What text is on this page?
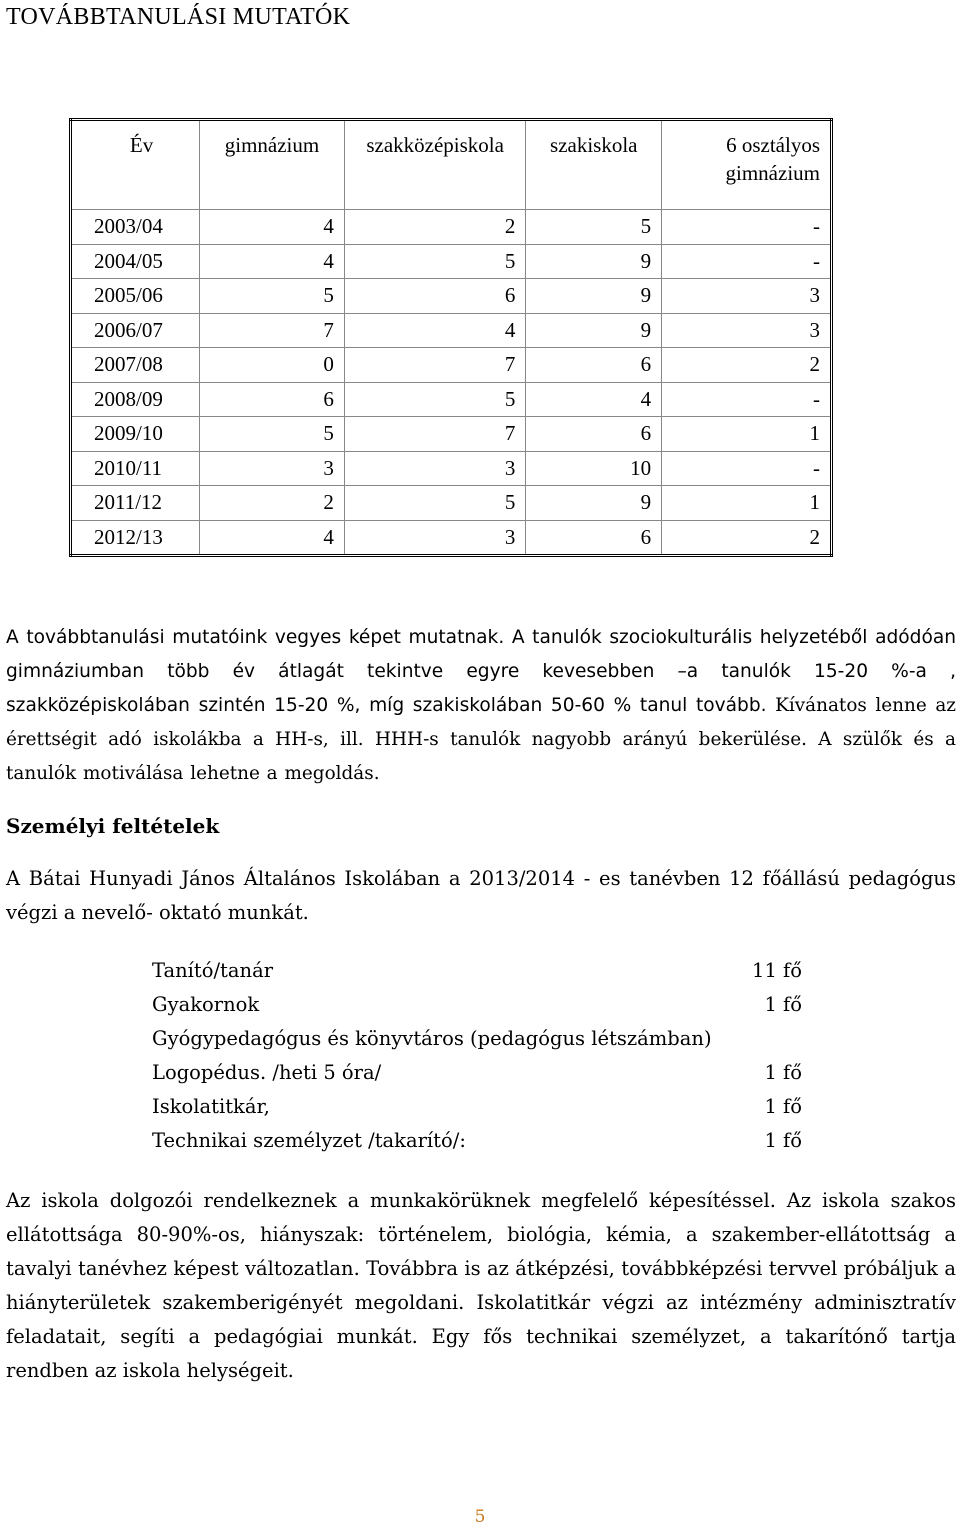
TOVÁBBTANULÁSI MUTATÓK
Év	gimnázium	szakközépiskola	szakiskola	6 osztályos gimnázium
2003/04	4	2	5	-
2004/05	4	5	9	-
2005/06	5	6	9	3
2006/07	7	4	9	3
2007/08	0	7	6	2
2008/09	6	5	4	-
2009/10	5	7	6	1
2010/11	3	3	10	-
2011/12	2	5	9	1
2012/13	4	3	6	2

A továbbtanulási mutatóink vegyes képet mutatnak. A tanulók szociokulturális helyzetéből adódóan gimnáziumban több év átlagát tekintve egyre kevesebben –a tanulók 15-20 %-a , szakközépiskolában szintén 15-20 %, míg szakiskolában 50-60 % tanul tovább. Kívánatos lenne az érettségit adó iskolákba a HH-s, ill. HHH-s tanulók nagyobb arányú bekerülése. A szülők és a tanulók motiválása lehetne a megoldás.

Személyi feltételek

A Bátai Hunyadi János Általános Iskolában a 2013/2014 - es tanévben 12 főállású pedagógus végzi a nevelő- oktató munkát.

Tanító/tanár	11 fő
Gyakornok	1 fő
Gyógypedagógus és könyvtáros (pedagógus létszámban)
Logopédus. /heti 5 óra/	1 fő
Iskolatitkár,	1 fő
Technikai személyzet /takarító/:	1 fő

Az iskola dolgozói rendelkeznek a munkakörüknek megfelelő képesítéssel. Az iskola szakos ellátottsága 80-90%-os, hiányszak: történelem, biológia, kémia, a szakember-ellátottság a tavalyi tanévhez képest változatlan. Továbbra is az átképzési, továbbképzési tervvel próbáljuk a hiányterületek szakemberigényét megoldani. Iskolatitkár végzi az intézmény adminisztratív feladatait, segíti a pedagógiai munkát. Egy fős technikai személyzet, a takarítónő tartja rendben az iskola helységeit.

5
